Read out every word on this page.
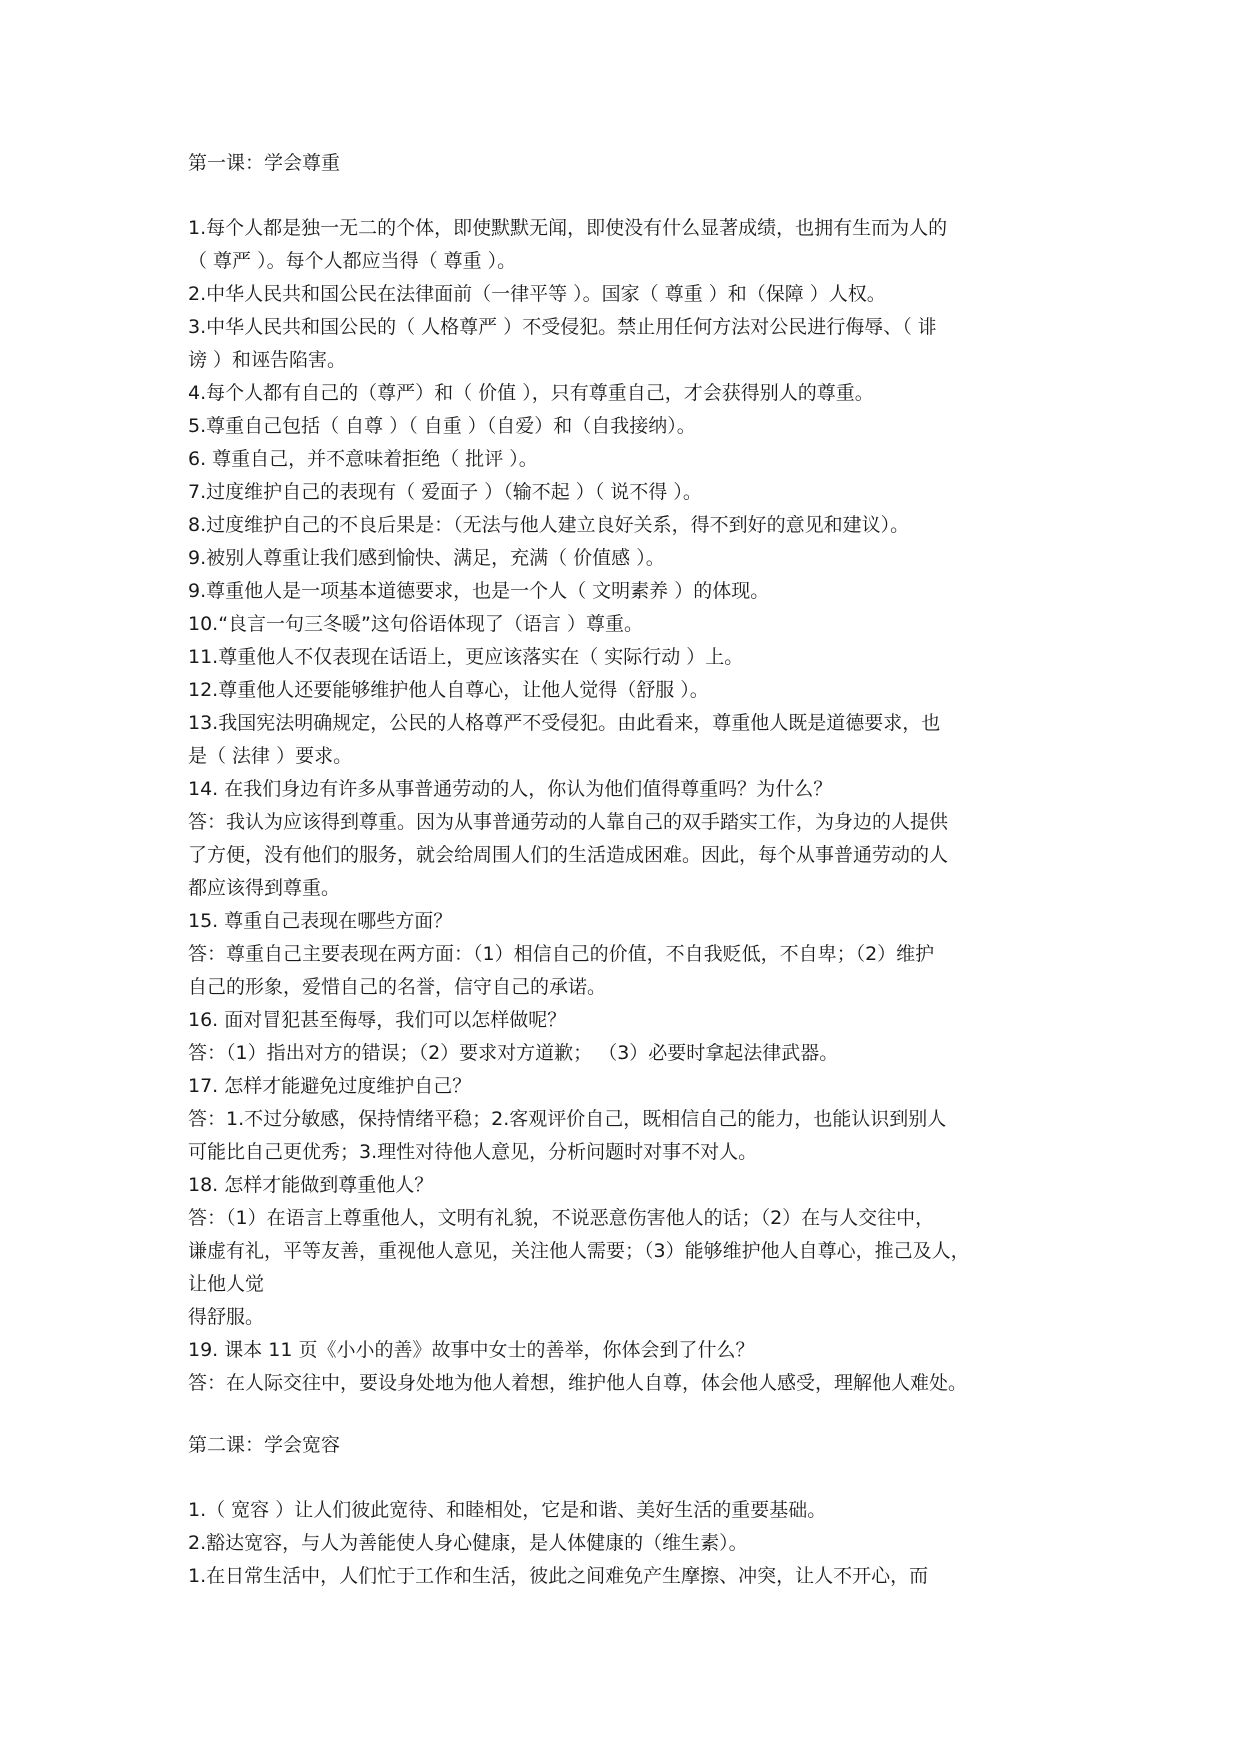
第一课：学会尊重

1.每个人都是独一无二的个体，即使默默无闻，即使没有什么显著成绩，也拥有生而为人的

（ 尊严 ）。每个人都应当得（ 尊重 ）。

2.中华人民共和国公民在法律面前（一律平等 ）。国家（ 尊重 ）和（保障 ）人权。

3.中华人民共和国公民的（ 人格尊严 ）不受侵犯。禁止用任何方法对公民进行侮辱、（ 诽

谤 ）和诬告陷害。

4.每个人都有自己的（尊严）和（ 价值 ），只有尊重自己，才会获得别人的尊重。

5.尊重自己包括（ 自尊 ）（ 自重 ）（自爱）和（自我接纳）。

6. 尊重自己，并不意味着拒绝（ 批评 ）。

7.过度维护自己的表现有（ 爱面子 ）（输不起 ）（ 说不得 ）。

8.过度维护自己的不良后果是：（无法与他人建立良好关系，得不到好的意见和建议）。

9.被别人尊重让我们感到愉快、满足，充满（ 价值感 ）。

9.尊重他人是一项基本道德要求，也是一个人（ 文明素养 ）的体现。

10.“良言一句三冬暖”这句俗语体现了（语言 ）尊重。

11.尊重他人不仅表现在话语上，更应该落实在（ 实际行动 ）上。

12.尊重他人还要能够维护他人自尊心，让他人觉得（舒服 ）。

13.我国宪法明确规定，公民的人格尊严不受侵犯。由此看来，尊重他人既是道德要求，也

是（ 法律 ）要求。

14. 在我们身边有许多从事普通劳动的人，你认为他们值得尊重吗？为什么？

答：我认为应该得到尊重。因为从事普通劳动的人靠自己的双手踏实工作，为身边的人提供

了方便，没有他们的服务，就会给周围人们的生活造成困难。因此，每个从事普通劳动的人

都应该得到尊重。

15. 尊重自己表现在哪些方面？

答：尊重自己主要表现在两方面：（1）相信自己的价值，不自我贬低，不自卑；（2）维护

自己的形象，爱惜自己的名誉，信守自己的承诺。

16. 面对冒犯甚至侮辱，我们可以怎样做呢？

答：（1）指出对方的错误；（2）要求对方道歉； （3）必要时拿起法律武器。

17. 怎样才能避免过度维护自己？

答：1.不过分敏感，保持情绪平稳；2.客观评价自己，既相信自己的能力，也能认识到别人

可能比自己更优秀；3.理性对待他人意见，分析问题时对事不对人。

18. 怎样才能做到尊重他人？

答：（1）在语言上尊重他人，文明有礼貌，不说恶意伤害他人的话；（2）在与人交往中，

谦虚有礼，平等友善，重视他人意见，关注他人需要；（3）能够维护他人自尊心，推己及人，

让他人觉

得舒服。

19. 课本 11 页《小小的善》故事中女士的善举，你体会到了什么？

答：在人际交往中，要设身处地为他人着想，维护他人自尊，体会他人感受，理解他人难处。

第二课：学会宽容

1.（ 宽容 ）让人们彼此宽待、和睦相处，它是和谐、美好生活的重要基础。

2.豁达宽容，与人为善能使人身心健康，是人体健康的（维生素）。

1.在日常生活中，人们忙于工作和生活，彼此之间难免产生摩擦、冲突，让人不开心，而
